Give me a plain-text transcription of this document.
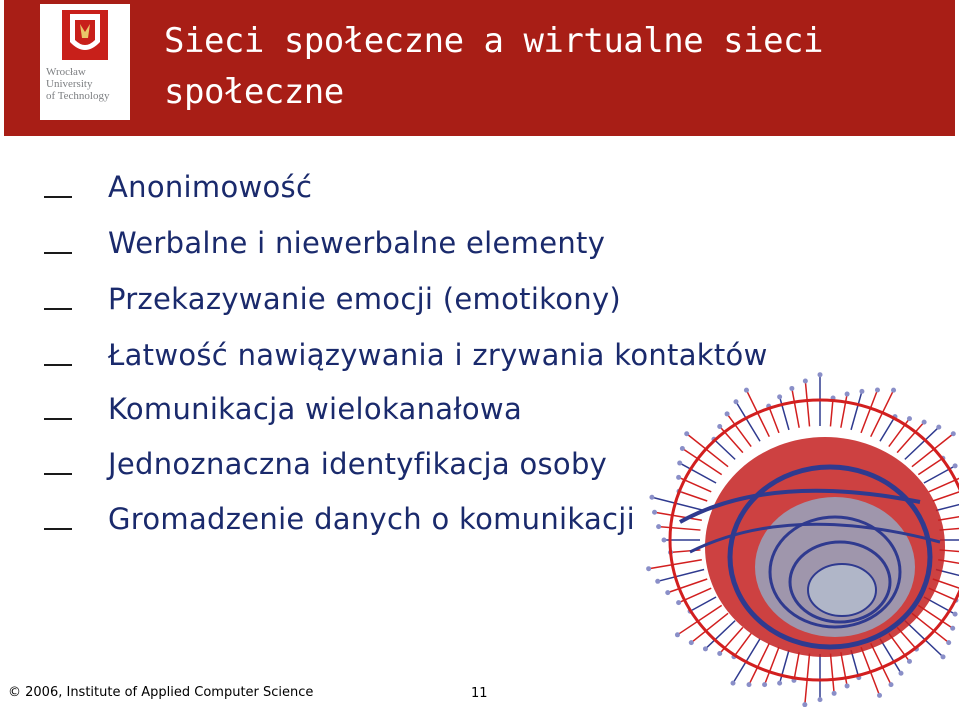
Wrocław
University
of Technology
Sieci społeczne a wirtualne sieci społeczne
Anonimowość
Werbalne i niewerbalne elementy
Przekazywanie emocji (emotikony)
Łatwość nawiązywania i zrywania kontaktów
Komunikacja wielokanałowa
Jednoznaczna identyfikacja osoby
Gromadzenie danych o komunikacji
© 2006, Institute of Applied Computer Science	11
